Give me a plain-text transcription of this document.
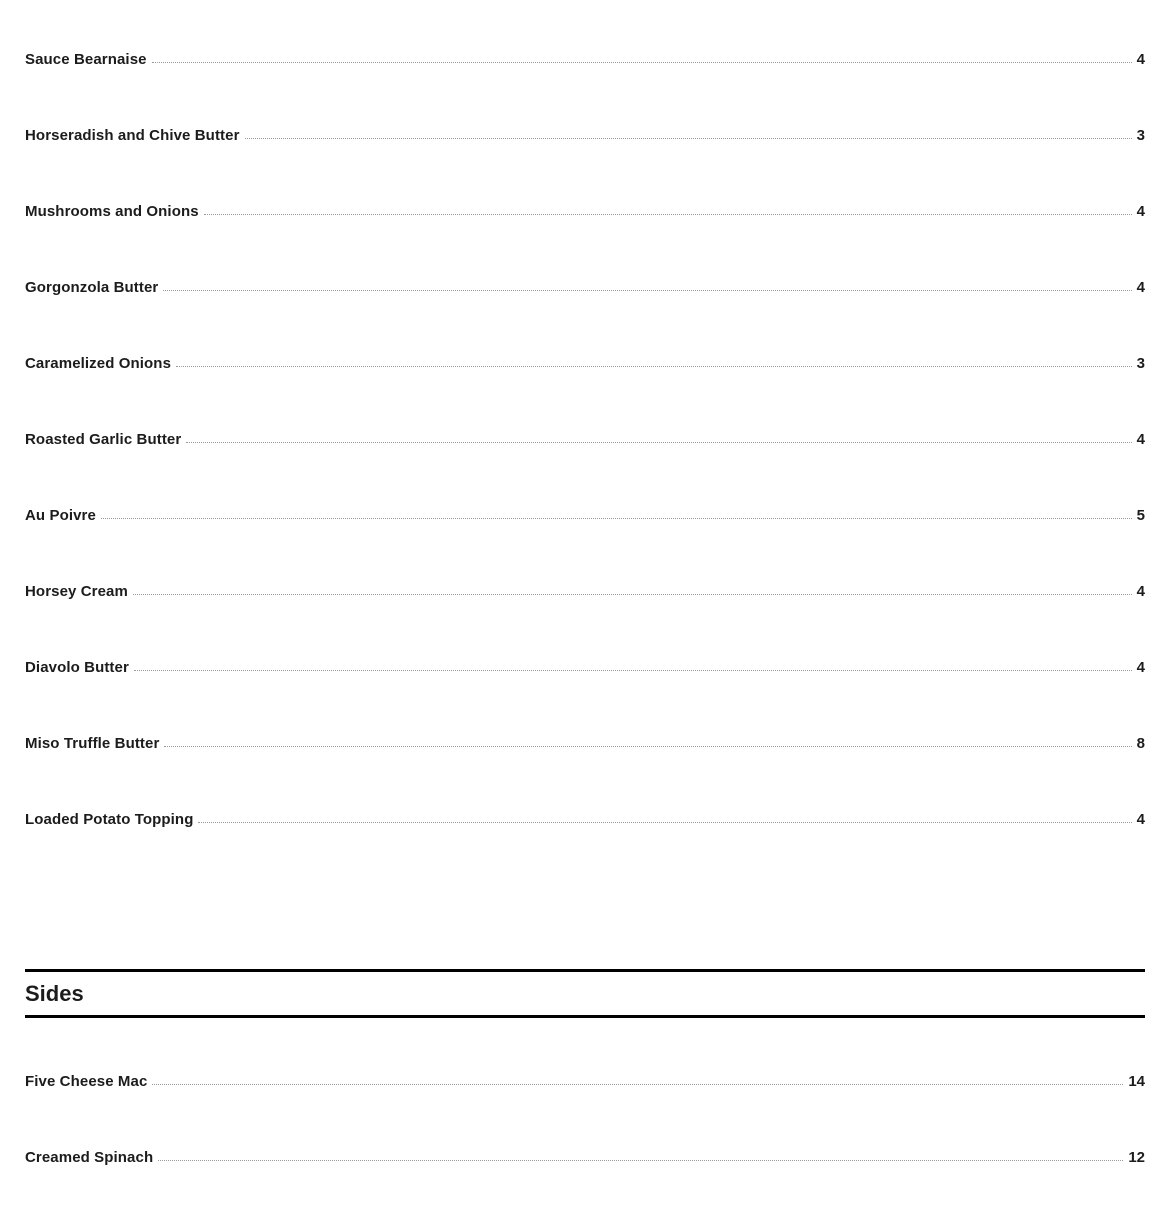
Sauce Bearnaise	4
Horseradish and Chive Butter	3
Mushrooms and Onions	4
Gorgonzola Butter	4
Caramelized Onions	3
Roasted Garlic Butter	4
Au Poivre	5
Horsey Cream	4
Diavolo Butter	4
Miso Truffle Butter	8
Loaded Potato Topping	4
Sides
Five Cheese Mac	14
Creamed Spinach	12
